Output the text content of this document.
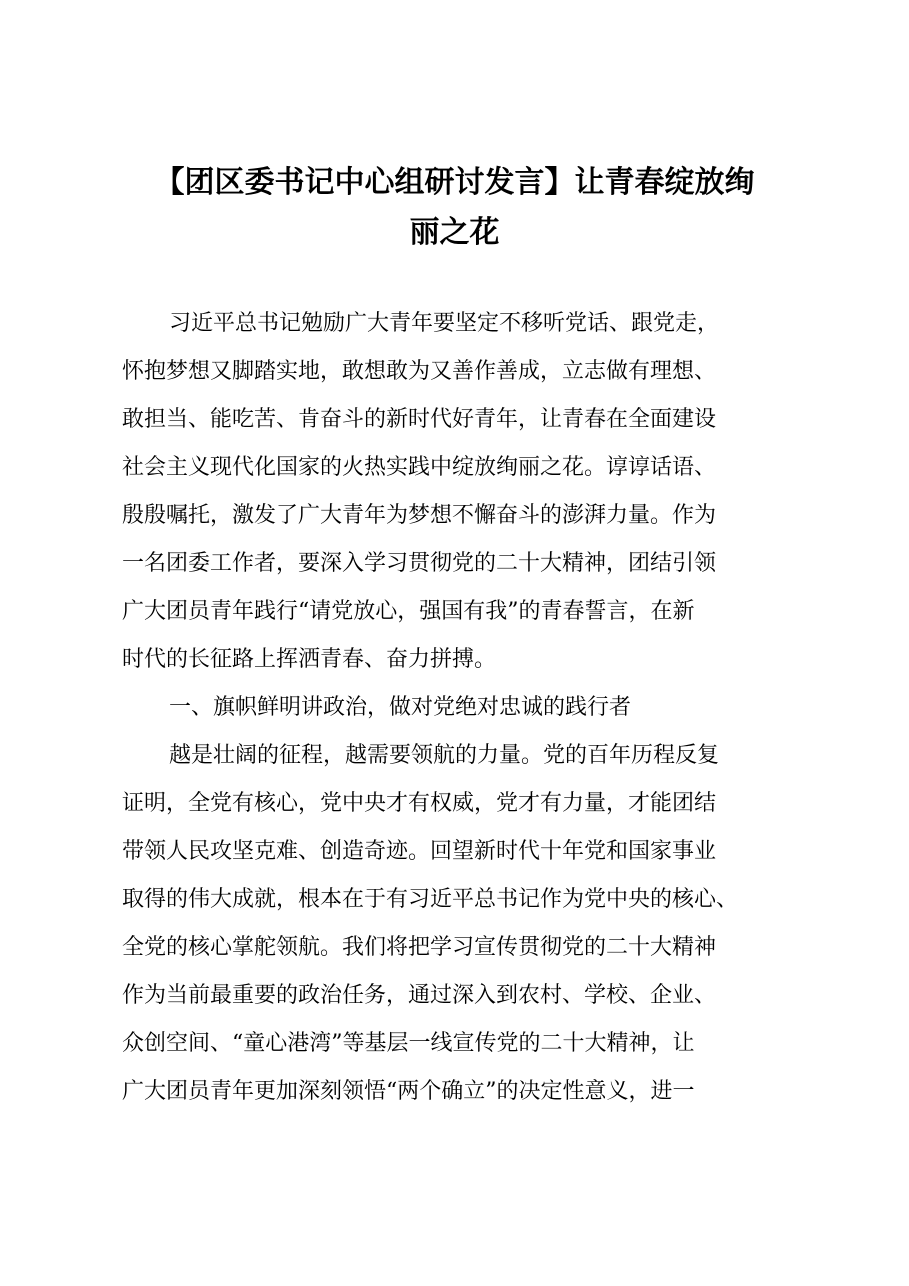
【团区委书记中心组研讨发言】让青春绽放绚
丽之花
习近平总书记勉励广大青年要坚定不移听党话、跟党走，
怀抱梦想又脚踏实地，敢想敢为又善作善成，立志做有理想、
敢担当、能吃苦、肯奋斗的新时代好青年，让青春在全面建设
社会主义现代化国家的火热实践中绽放绚丽之花。谆谆话语、
殷殷嘱托，激发了广大青年为梦想不懈奋斗的澎湃力量。作为
一名团委工作者，要深入学习贯彻党的二十大精神，团结引领
广大团员青年践行“请党放心，强国有我”的青春誓言，在新
时代的长征路上挥洒青春、奋力拼搏。
一、旗帜鲜明讲政治，做对党绝对忠诚的践行者
越是壮阔的征程，越需要领航的力量。党的百年历程反复
证明，全党有核心，党中央才有权威，党才有力量，才能团结
带领人民攻坚克难、创造奇迹。回望新时代十年党和国家事业
取得的伟大成就，根本在于有习近平总书记作为党中央的核心、
全党的核心掌舵领航。我们将把学习宣传贯彻党的二十大精神
作为当前最重要的政治任务，通过深入到农村、学校、企业、
众创空间、“童心港湾”等基层一线宣传党的二十大精神，让
广大团员青年更加深刻领悟“两个确立”的决定性意义，进一
